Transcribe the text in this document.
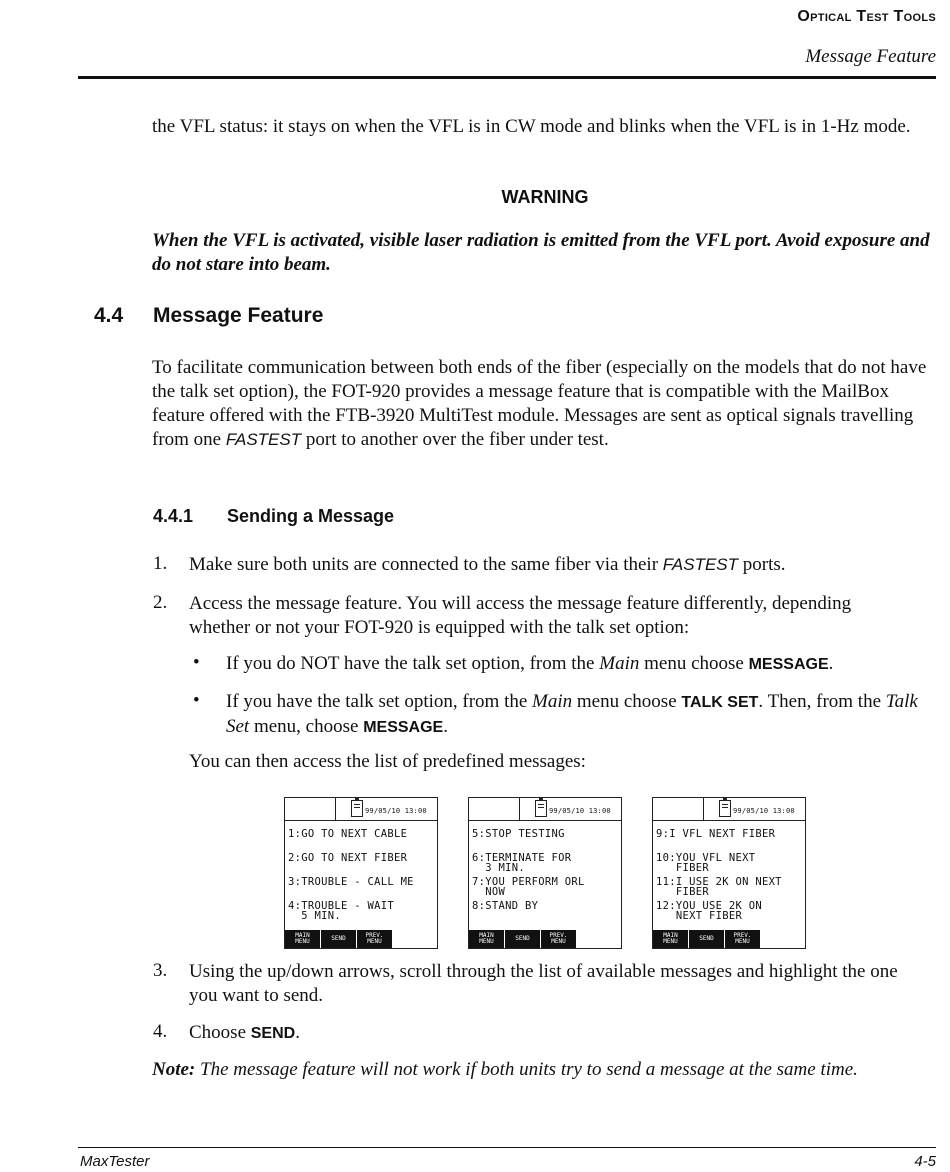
Optical Test Tools
Message Feature

the VFL status: it stays on when the VFL is in CW mode and blinks when the VFL is in 1-Hz mode.

WARNING

When the VFL is activated, visible laser radiation is emitted from the VFL port. Avoid exposure and do not stare into beam.

4.4 Message Feature

To facilitate communication between both ends of the fiber (especially on the models that do not have the talk set option), the FOT-920 provides a message feature that is compatible with the MailBox feature offered with the FTB-3920 MultiTest module. Messages are sent as optical signals travelling from one FASTEST port to another over the fiber under test.

4.4.1 Sending a Message
1. Make sure both units are connected to the same fiber via their FASTEST ports.

2. Access the message feature. You will access the message feature differently, depending whether or not your FOT-920 is equipped with the talk set option:

• If you do NOT have the talk set option, from the Main menu choose MESSAGE.

• If you have the talk set option, from the Main menu choose TALK SET. Then, from the Talk Set menu, choose MESSAGE.

You can then access the list of predefined messages:

99/05/10 13:00
1:GO TO NEXT CABLE
2:GO TO NEXT FIBER
3:TROUBLE - CALL ME
4:TROUBLE - WAIT
5 MIN.
MAIN
MENU	SEND	PREV.
MENU
99/05/10 13:00
5:STOP TESTING
6:TERMINATE FOR
3 MIN.
7:YOU PERFORM ORL
NOW
8:STAND BY
MAIN
MENU	SEND	PREV.
MENU
99/05/10 13:00
9:I VFL NEXT FIBER
10:YOU VFL NEXT
FIBER
11:I USE 2K ON NEXT
FIBER
12:YOU USE 2K ON
NEXT FIBER
MAIN
MENU	SEND	PREV.
MENU
3. Using the up/down arrows, scroll through the list of available messages and highlight the one you want to send.

4. Choose SEND.

Note: The message feature will not work if both units try to send a message at the same time.

MaxTester	4-5
